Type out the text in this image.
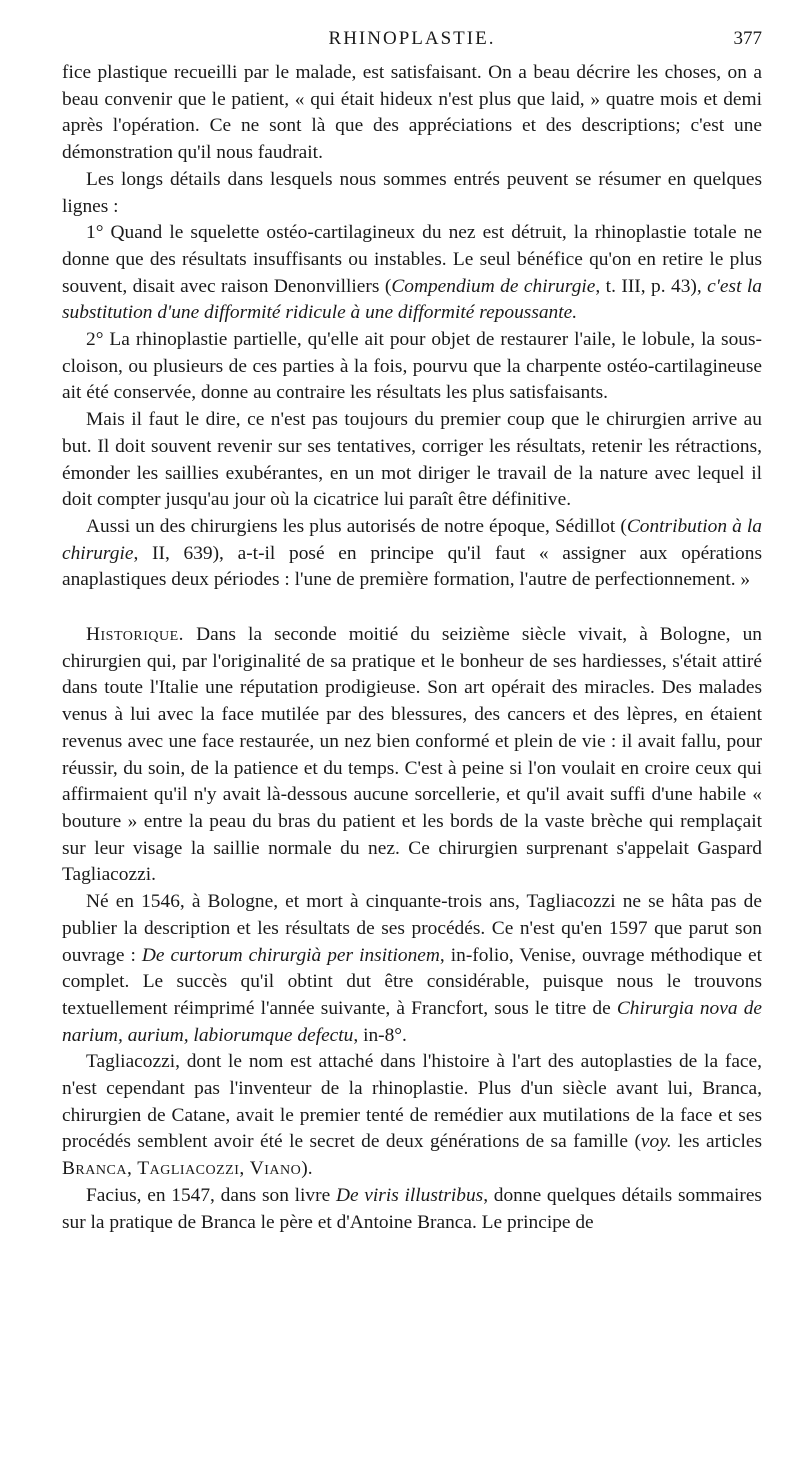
RHINOPLASTIE.	377

fice plastique recueilli par le malade, est satisfaisant. On a beau décrire les choses, on a beau convenir que le patient, « qui était hideux n'est plus que laid, » quatre mois et demi après l'opération. Ce ne sont là que des appréciations et des descriptions; c'est une démonstration qu'il nous faudrait.

Les longs détails dans lesquels nous sommes entrés peuvent se résumer en quelques lignes :

1° Quand le squelette ostéo-cartilagineux du nez est détruit, la rhinoplastie totale ne donne que des résultats insuffisants ou instables. Le seul bénéfice qu'on en retire le plus souvent, disait avec raison Denonvilliers (Compendium de chirurgie, t. III, p. 43), c'est la substitution d'une difformité ridicule à une difformité repoussante.

2° La rhinoplastie partielle, qu'elle ait pour objet de restaurer l'aile, le lobule, la sous-cloison, ou plusieurs de ces parties à la fois, pourvu que la charpente ostéo-cartilagineuse ait été conservée, donne au contraire les résultats les plus satisfaisants.

Mais il faut le dire, ce n'est pas toujours du premier coup que le chirurgien arrive au but. Il doit souvent revenir sur ses tentatives, corriger les résultats, retenir les rétractions, émonder les saillies exubérantes, en un mot diriger le travail de la nature avec lequel il doit compter jusqu'au jour où la cicatrice lui paraît être définitive.

Aussi un des chirurgiens les plus autorisés de notre époque, Sédillot (Contribution à la chirurgie, II, 639), a-t-il posé en principe qu'il faut « assigner aux opérations anaplastiques deux périodes : l'une de première formation, l'autre de perfectionnement. »

Historique. Dans la seconde moitié du seizième siècle vivait, à Bologne, un chirurgien qui, par l'originalité de sa pratique et le bonheur de ses hardiesses, s'était attiré dans toute l'Italie une réputation prodigieuse. Son art opérait des miracles. Des malades venus à lui avec la face mutilée par des blessures, des cancers et des lèpres, en étaient revenus avec une face restaurée, un nez bien conformé et plein de vie : il avait fallu, pour réussir, du soin, de la patience et du temps. C'est à peine si l'on voulait en croire ceux qui affirmaient qu'il n'y avait là-dessous aucune sorcellerie, et qu'il avait suffi d'une habile « bouture » entre la peau du bras du patient et les bords de la vaste brèche qui remplaçait sur leur visage la saillie normale du nez. Ce chirurgien surprenant s'appelait Gaspard Tagliacozzi.

Né en 1546, à Bologne, et mort à cinquante-trois ans, Tagliacozzi ne se hâta pas de publier la description et les résultats de ses procédés. Ce n'est qu'en 1597 que parut son ouvrage : De curtorum chirurgià per insitionem, in-folio, Venise, ouvrage méthodique et complet. Le succès qu'il obtint dut être considérable, puisque nous le trouvons textuellement réimprimé l'année suivante, à Francfort, sous le titre de Chirurgia nova de narium, aurium, labiorumque defectu, in-8°.

Tagliacozzi, dont le nom est attaché dans l'histoire à l'art des autoplasties de la face, n'est cependant pas l'inventeur de la rhinoplastie. Plus d'un siècle avant lui, Branca, chirurgien de Catane, avait le premier tenté de remédier aux mutilations de la face et ses procédés semblent avoir été le secret de deux générations de sa famille (voy. les articles Branca, Tagliacozzi, Viano).

Facius, en 1547, dans son livre De viris illustribus, donne quelques détails sommaires sur la pratique de Branca le père et d'Antoine Branca. Le principe de
